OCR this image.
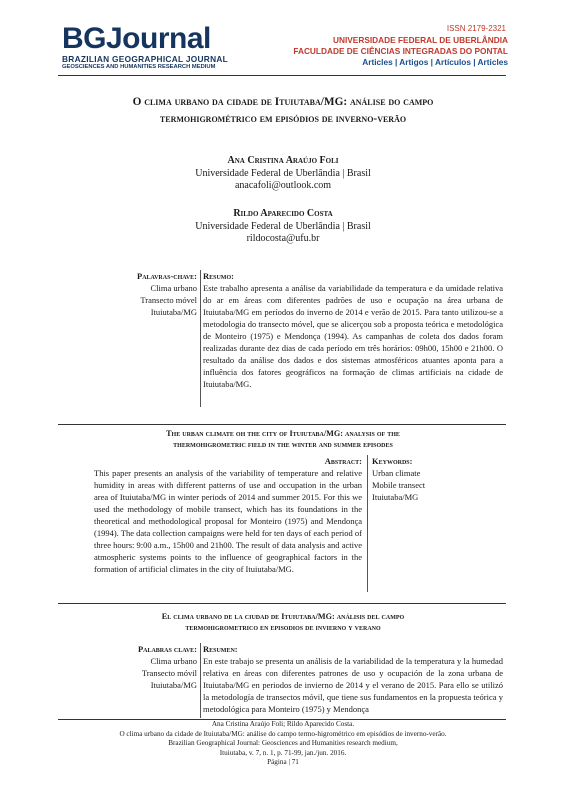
BGJournal
BRAZILIAN GEOGRAPHICAL JOURNAL
GEOSCIENCES AND HUMANITIES RESEARCH MEDIUM
ISSN 2179-2321
UNIVERSIDADE FEDERAL DE UBERLÂNDIA
FACULDADE DE CIÊNCIAS INTEGRADAS DO PONTAL
Articles | Artigos | Artículos | Articles
O clima urbano da cidade de Ituiutaba/MG: análise do campo
termohigrométrico em episódios de inverno-verão
Ana Cristina Araújo Foli
Universidade Federal de Uberlândia | Brasil
anacafoli@outlook.com
Rildo Aparecido Costa
Universidade Federal de Uberlândia | Brasil
rildocosta@ufu.br
Palavras-chave:
Clima urbano
Transecto móvel
Ituiutaba/MG
Resumo:
Este trabalho apresenta a análise da variabilidade da temperatura e da umidade relativa do ar em áreas com diferentes padrões de uso e ocupação na área urbana de Ituiutaba/MG em períodos do inverno de 2014 e verão de 2015. Para tanto utilizou-se a metodologia do transecto móvel, que se alicerçou sob a proposta teórica e metodológica de Monteiro (1975) e Mendonça (1994). As campanhas de coleta dos dados foram realizadas durante dez dias de cada período em três horários: 09h00, 15h00 e 21h00. O resultado da análise dos dados e dos sistemas atmosféricos atuantes aponta para a influência dos fatores geográficos na formação de climas artificiais na cidade de Ituiutaba/MG.
The urban climate oh the city of Ituiutaba/MG: analysis of the
thermohigrometric field in the winter and summer episodes
Abstract:
This paper presents an analysis of the variability of temperature and relative humidity in areas with different patterns of use and occupation in the urban area of Ituiutaba/MG in winter periods of 2014 and summer 2015. For this we used the methodology of mobile transect, which has its foundations in the theoretical and methodological proposal for Monteiro (1975) and Mendonça (1994). The data collection campaigns were held for ten days of each period of three hours: 9:00 a.m., 15h00 and 21h00. The result of data analysis and active atmospheric systems points to the influence of geographical factors in the formation of artificial climates in the city of Ituiutaba/MG.
Keywords:
Urban climate
Mobile transect
Ituiutaba/MG
El clima urbano de la ciudad de Ituiutaba/MG: análisis del campo
termohigrometrico en episodios de invierno y verano
Palabras clave:
Clima urbano
Transecto móvil
Ituiutaba/MG
Resumen:
En este trabajo se presenta un análisis de la variabilidad de la temperatura y la humedad relativa en áreas con diferentes patrones de uso y ocupación de la zona urbana de Ituiutaba/MG en periodos de invierno de 2014 y el verano de 2015. Para ello se utilizó la metodología de transectos móvil, que tiene sus fundamentos en la propuesta teórica y metodológica para Monteiro (1975) y Mendonça
Ana Cristina Araújo Foli; Rildo Aparecido Costa.
O clima urbano da cidade de Ituiutaba/MG: análise do campo termo-higrométrico em episódios de inverno-verão.
Brazilian Geographical Journal: Geosciences and Humanities research medium,
Ituiutaba, v. 7, n. 1, p. 71-99, jan./jun. 2016.
Página | 71
